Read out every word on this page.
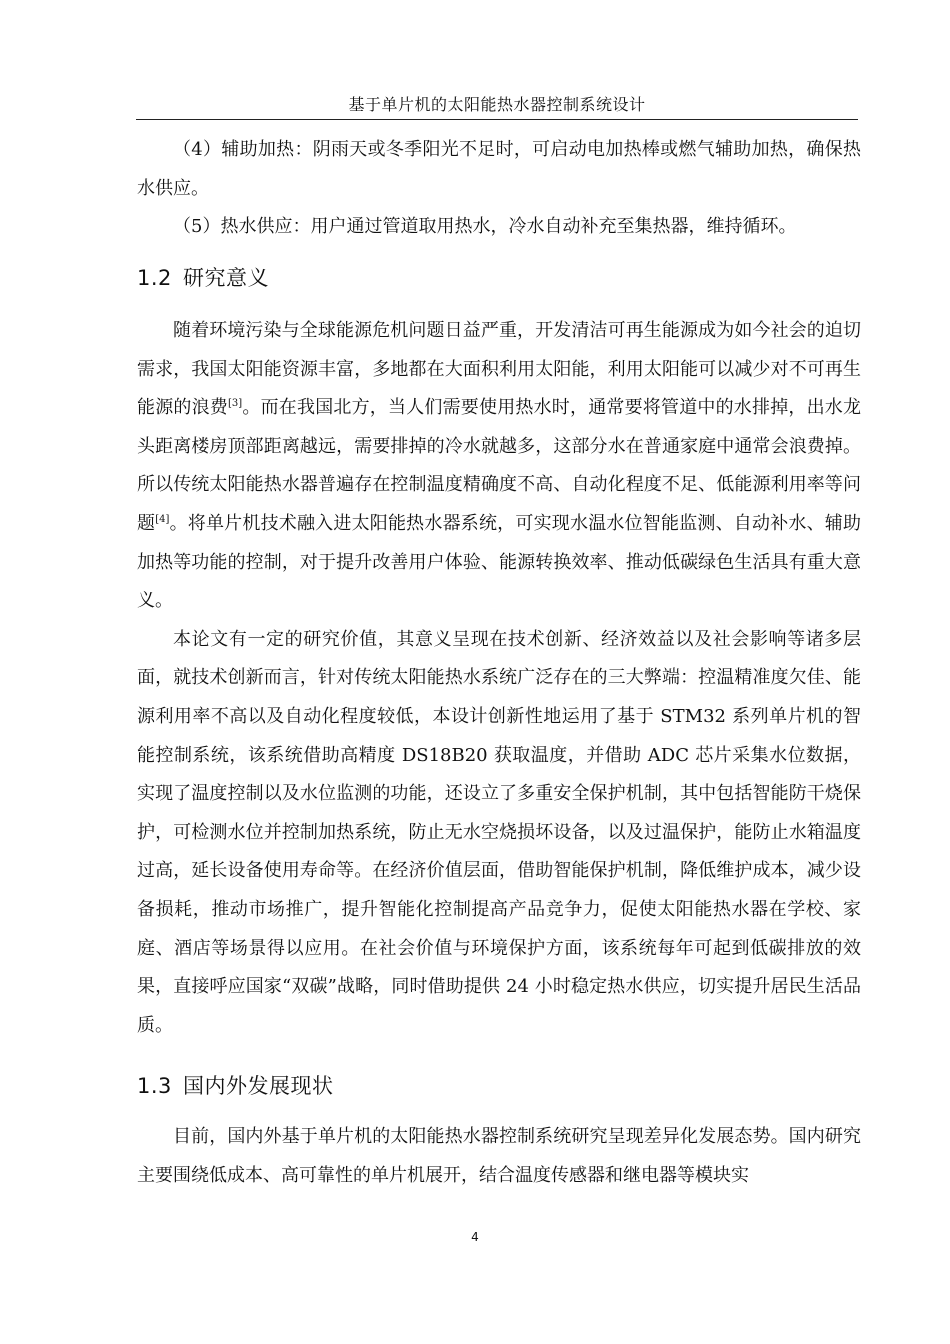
基于单片机的太阳能热水器控制系统设计

（4）辅助加热：阴雨天或冬季阳光不足时，可启动电加热棒或燃气辅助加热，确保热水供应。

（5）热水供应：用户通过管道取用热水，冷水自动补充至集热器，维持循环。

1.2 研究意义

随着环境污染与全球能源危机问题日益严重，开发清洁可再生能源成为如今社会的迫切需求，我国太阳能资源丰富，多地都在大面积利用太阳能，利用太阳能可以减少对不可再生能源的浪费[3]。而在我国北方，当人们需要使用热水时，通常要将管道中的水排掉，出水龙头距离楼房顶部距离越远，需要排掉的冷水就越多，这部分水在普通家庭中通常会浪费掉。所以传统太阳能热水器普遍存在控制温度精确度不高、自动化程度不足、低能源利用率等问题[4]。将单片机技术融入进太阳能热水器系统，可实现水温水位智能监测、自动补水、辅助加热等功能的控制，对于提升改善用户体验、能源转换效率、推动低碳绿色生活具有重大意义。

本论文有一定的研究价值，其意义呈现在技术创新、经济效益以及社会影响等诸多层面，就技术创新而言，针对传统太阳能热水系统广泛存在的三大弊端：控温精准度欠佳、能源利用率不高以及自动化程度较低，本设计创新性地运用了基于 STM32 系列单片机的智能控制系统，该系统借助高精度 DS18B20 获取温度，并借助 ADC 芯片采集水位数据，实现了温度控制以及水位监测的功能，还设立了多重安全保护机制，其中包括智能防干烧保护，可检测水位并控制加热系统，防止无水空烧损坏设备，以及过温保护，能防止水箱温度过高，延长设备使用寿命等。在经济价值层面，借助智能保护机制，降低维护成本，减少设备损耗，推动市场推广，提升智能化控制提高产品竞争力，促使太阳能热水器在学校、家庭、酒店等场景得以应用。在社会价值与环境保护方面，该系统每年可起到低碳排放的效果，直接呼应国家“双碳”战略，同时借助提供 24 小时稳定热水供应，切实提升居民生活品质。

1.3 国内外发展现状

目前，国内外基于单片机的太阳能热水器控制系统研究呈现差异化发展态势。国内研究主要围绕低成本、高可靠性的单片机展开，结合温度传感器和继电器等模块实

4
